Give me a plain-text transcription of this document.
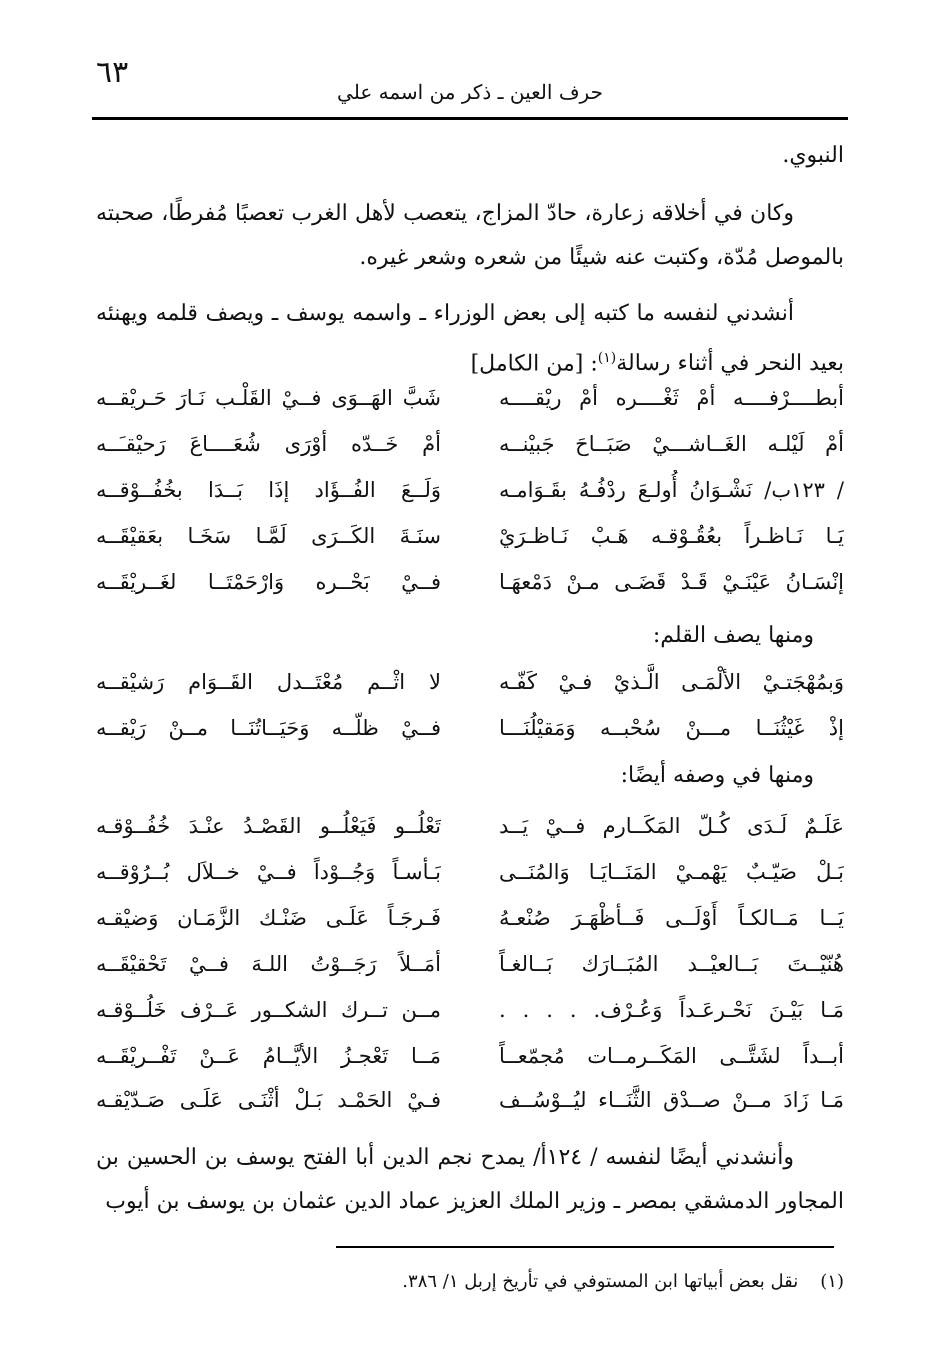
٦٣
حرف العين ـ ذكر من اسمه علي
النبوي.
وكان في أخلاقه زعارة، حادّ المزاج، يتعصب لأهل الغرب تعصبًا مُفرطًا، صحبته بالموصل مُدّة، وكتبت عنه شيئًا من شعره وشعر غيره.
أنشدني لنفسه ما كتبه إلى بعض الوزراء ـ واسمه يوسف ـ ويصف قلمه ويهنئه بعيد النحر في أثناء رسالة$^{(١)}$: [من الكامل]
أبطــــرْفــــه أمْ ثَغْــــره أمْ ريْقــــه
شَبَّ الهَــوَى فــيْ القَلْـب نَـارَ حَـريْقــه
أمْ لَيْلـه الغَــاشـــيْ صَبَــاحَ جَبيْنــه
أمْ خَــدّه أوْرَى شُعَــــاعَ رَحيْقـَــه
/ ١٢٣ب/ نَشْـوَانُ أُولـعَ ردْفُـهُ بقَـوَامـه
وَلَــعَ الفُــؤَاد إذَا بَــدَا بخُفُــوْقــه
يَـا نَـاظـراً بعُقُـوْقـه هَـبْ نَـاظـرَيْ
سنَـةَ الكَــرَى لَمَّـا سَخَـا بعَقيْقَــه
إنْسَـانُ عَيْنَـيْ قَـدْ قَضَـى مـنْ دَمْعهَـا
فــيْ بَحْــره وَارْحَمْتَــا لغَــريْقَــه
ومنها يصف القلم:
وَبمُهْجَتـيْ الألْمَـى الَّـذيْ فـيْ كَفّـه
لا اثْــم مُعْتَــدل القَــوَام رَشيْقــه
إذْ غَيْثُنَــا مـــنْ سُحْبــه وَمَقيْلُنَـــا
فــيْ ظلّــه وَحَيَــاتُنَــا مــنْ رَيْقــه
ومنها في وصفه أيضًا:
عَلَـمٌ لَـدَى كُـلّ المَكَــارم فــيْ يَــد
تَعْلُــو فَيَعْلُــو القَصْـدُ عنْـدَ خُفُــوْقـه
بَـلْ صَيّـبٌ يَهْمـيْ المَنَــايَـا وَالمُنَــى
بَـأسـاً وَجُــوْداً فــيْ خــلاَل بُــرُوْقــه
يَــا مَــالكـاً أَوْلَــى فَــأظْهَـرَ صُنْعـهُ
فَـرجَـاً عَلَـى ضَنْـك الزَّمَـان وَضيْقـه
هُنّيْــتَ بَــالعيْــد المُبَــارَك بَــالغـاً
أمَــلاً رَجَــوْتُ اللـهَ فــيْ تَحْقيْقَــه
مَـا بَيْـنَ نَحْـرعَـداً وَعُـرْف. . . . .
مــن تــرك الشكــور عَــرْف خَلُــوْقـه
أبــداً لشَتَّــى المَكَــرمــات مُجمّعــاً
مَــا تَعْجـزُ الأيَّــامُ عَــنْ تَفْــريْقَــه
مَـا زَادَ مــنْ صــدْق الثَّنَــاء ليُــوْسُــف
فـيْ الحَمْـد بَـلْ أثْنَـى عَلَـى صَـدّيْقـه
وأنشدني أيضًا لنفسه / ١٢٤أ/ يمدح نجم الدين أبا الفتح يوسف بن الحسين بن المجاور الدمشقي بمصر ـ وزير الملك العزيز عماد الدين عثمان بن يوسف بن أيوب
(١)نقل بعض أبياتها ابن المستوفي في تأريخ إربل ١/ ٣٨٦.
